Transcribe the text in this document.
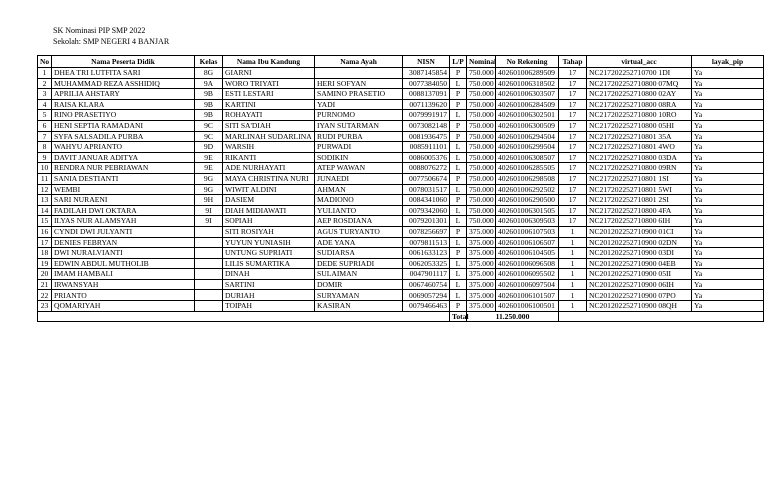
SK Nominasi PIP SMP 2022
Sekolah: SMP NEGERI 4 BANJAR
No	Nama Peserta Didik	Kelas	Nama Ibu Kandung	Nama Ayah	NISN	L/P	Nominal	No Rekening	Tahap	virtual_acc	layak_pip
1	DHEA TRI LUTFITA SARI	8G	GIARNI		3087145854	P	750.000	402601006289509	17	NC217202252710700 1DI	Ya
2	MUHAMMAD REZA ASSHIDIQ	9A	WORO TRIYATI	HERI SOFYAN	0077384050	L	750.000	402601006318502	17	NC217202252710800 07MQ	Ya
3	APRILIA AHSTARY	9B	ESTI LESTARI	SAMINO PRASETIO	0088137091	P	750.000	402601006303507	17	NC217202252710800 02AY	Ya
4	RAISA KLARA	9B	KARTINI	YADI	0071139620	P	750.000	402601006284509	17	NC217202252710800 08RA	Ya
5	RINO PRASETIYO	9B	ROHAYATI	PURNOMO	0079991917	L	750.000	402601006302501	17	NC217202252710800 10RO	Ya
6	HENI SEPTIA RAMADANI	9C	SITI SA'DIAH	IYAN SUTARMAN	0073082148	P	750.000	402601006300509	17	NC217202252710800 05HI	Ya
7	SYFA SALSADILA PURBA	9C	MARLINAH SUDARLINA	RUDI PURBA	0081936475	P	750.000	402601006294504	17	NC217202252710801 35A	Ya
8	WAHYU APRIANTO	9D	WARSIH	PURWADI	0085911101	L	750.000	402601006299504	17	NC217202252710801 4WO	Ya
9	DAVIT JANUAR ADITYA	9E	RIKANTI	SODIKIN	0086005376	L	750.000	402601006308507	17	NC217202252710800 03DA	Ya
10	RENDRA NUR PEBRIAWAN	9E	ADE NURHAYATI	ATEP WAWAN	0088076272	L	750.000	402601006285505	17	NC217202252710800 09RN	Ya
11	SANIA DESTIANTI	9G	MAYA CHRISTINA NURI	JUNAEDI	0077506674	P	750.000	402601006298508	17	NC217202252710801 1SI	Ya
12	WEMBI	9G	WIWIT ALDINI	AHMAN	0078031517	L	750.000	402601006292502	17	NC217202252710801 5WI	Ya
13	SARI NURAENI	9H	DASIEM	MADIONO	0084341060	P	750.000	402601006290500	17	NC217202252710801 2SI	Ya
14	FADILAH DWI OKTARA	9I	DIAH MIDIAWATI	YULIANTO	0079342060	L	750.000	402601006301505	17	NC217202252710800 4FA	Ya
15	ILYAS NUR ALAMSYAH	9I	SOPIAH	AEP ROSDIANA	0079201301	L	750.000	402601006309503	17	NC217202252710800 6IH	Ya
16	CYNDI DWI JULYANTI		SITI ROSIYAH	AGUS TURYANTO	0078256697	P	375.000	402601006107503	1	NC201202252710900 01CI	Ya
17	DENIES FEBRYAN		YUYUN YUNIASIH	ADE YANA	0079811513	L	375.000	402601006106507	1	NC201202252710900 02DN	Ya
18	DWI NURALVIANTI		UNTUNG SUPRIATI	SUDIARSA	0061633123	P	375.000	402601006104505	1	NC201202252710900 03DI	Ya
19	EDWIN ABDUL MUTHOLIB		LILIS SUMARTIKA	DEDE SUPRIADI	0062053325	L	375.000	402601006096508	1	NC201202252710900 04EB	Ya
20	IMAM HAMBALI		DINAH	SULAIMAN	0047901117	L	375.000	402601006095502	1	NC201202252710900 05II	Ya
21	IRWANSYAH		SARTINI	DOMIR	0067460754	L	375.000	402601006097504	1	NC201202252710900 06IH	Ya
22	PRIANTO		DURIAH	SURYAMAN	0069057294	L	375.000	402601006101507	1	NC201202252710900 07PO	Ya
23	QOMARIYAH		TOIPAH	KASIRAN	0079466463	P	375.000	402601006100501	1	NC201202252710900 08QH	Ya
						Total	11.250.000				
